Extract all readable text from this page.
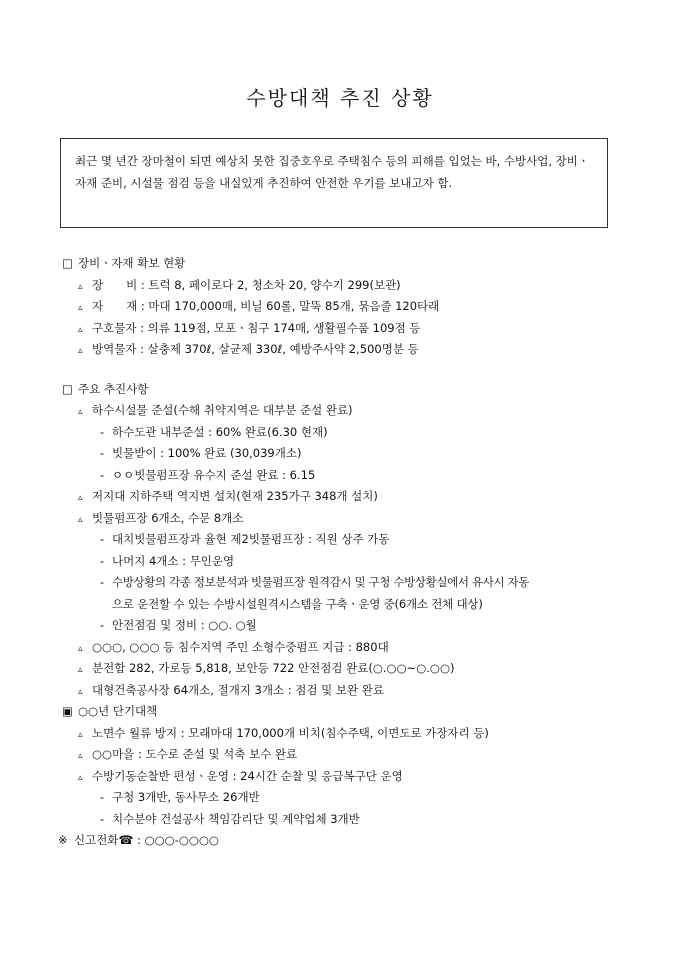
수방대책 추진 상황
최근 몇 년간 장마철이 되면 예상치 못한 집중호우로 주택침수 등의 피해를 입었는 바, 수방사업, 장비ㆍ자재 준비, 시설물 점검 등을 내실있게 추진하여 안전한 우기를 보내고자 함.
□ 장비ㆍ자재 확보 현황
▵ 장　　비 : 트럭 8, 페이로다 2, 청소차 20, 양수기 299(보관)
▵ 자　　재 : 마대 170,000매, 비닐 60롤, 말뚝 85개, 묶음줄 120타래
▵ 구호물자 : 의류 119점, 모포ㆍ침구 174매, 생활필수품 109점 등
▵ 방역물자 : 살충제 370ℓ, 살균제 330ℓ, 예방주사약 2,500명분 등
□ 주요 추진사항
▵ 하수시설물 준설(수해 취약지역은 대부분 준설 완료)
- 하수도관 내부준설 : 60% 완료(6.30 현재)
- 빗물받이 : 100% 완료 (30,039개소)
- ㅇㅇ빗물펌프장 유수지 준설 완료 : 6.15
▵ 저지대 지하주택 역지변 설치(현재 235가구 348개 설치)
▵ 빗물펌프장 6개소, 수문 8개소
- 대치빗물펌프장과 율현 제2빗물펌프장 : 직원 상주 가동
- 나머지 4개소 : 무인운영
- 수방상황의 각종 정보분석과 빗물펌프장 원격감시 및 구청 수방상황실에서 유사시 자동
으로 운전할 수 있는 수방시설원격시스템을 구축ㆍ운영 중(6개소 전체 대상)
- 안전점검 및 정비 : ○○. ○월
▵ ○○○, ○○○ 등 침수지역 주민 소형수중펌프 지급 : 880대
▵ 분전함 282, 가로등 5,818, 보안등 722 안전점검 완료(○.○○~○.○○)
▵ 대형건축공사장 64개소, 절개지 3개소 : 점검 및 보완 완료
▣ ○○년 단기대책
▵ 노면수 월류 방지 : 모래마대 170,000개 비치(침수주택, 이면도로 가장자리 등)
▵ ○○마을 : 도수로 준설 및 석축 보수 완료
▵ 수방기동순찰반 편성ㆍ운영 : 24시간 순찰 및 응급복구단 운영
- 구청 3개반, 동사무소 26개반
- 치수분야 건설공사 책임감리단 및 계약업체 3개반
※ 신고전화☎ : ○○○-○○○○
